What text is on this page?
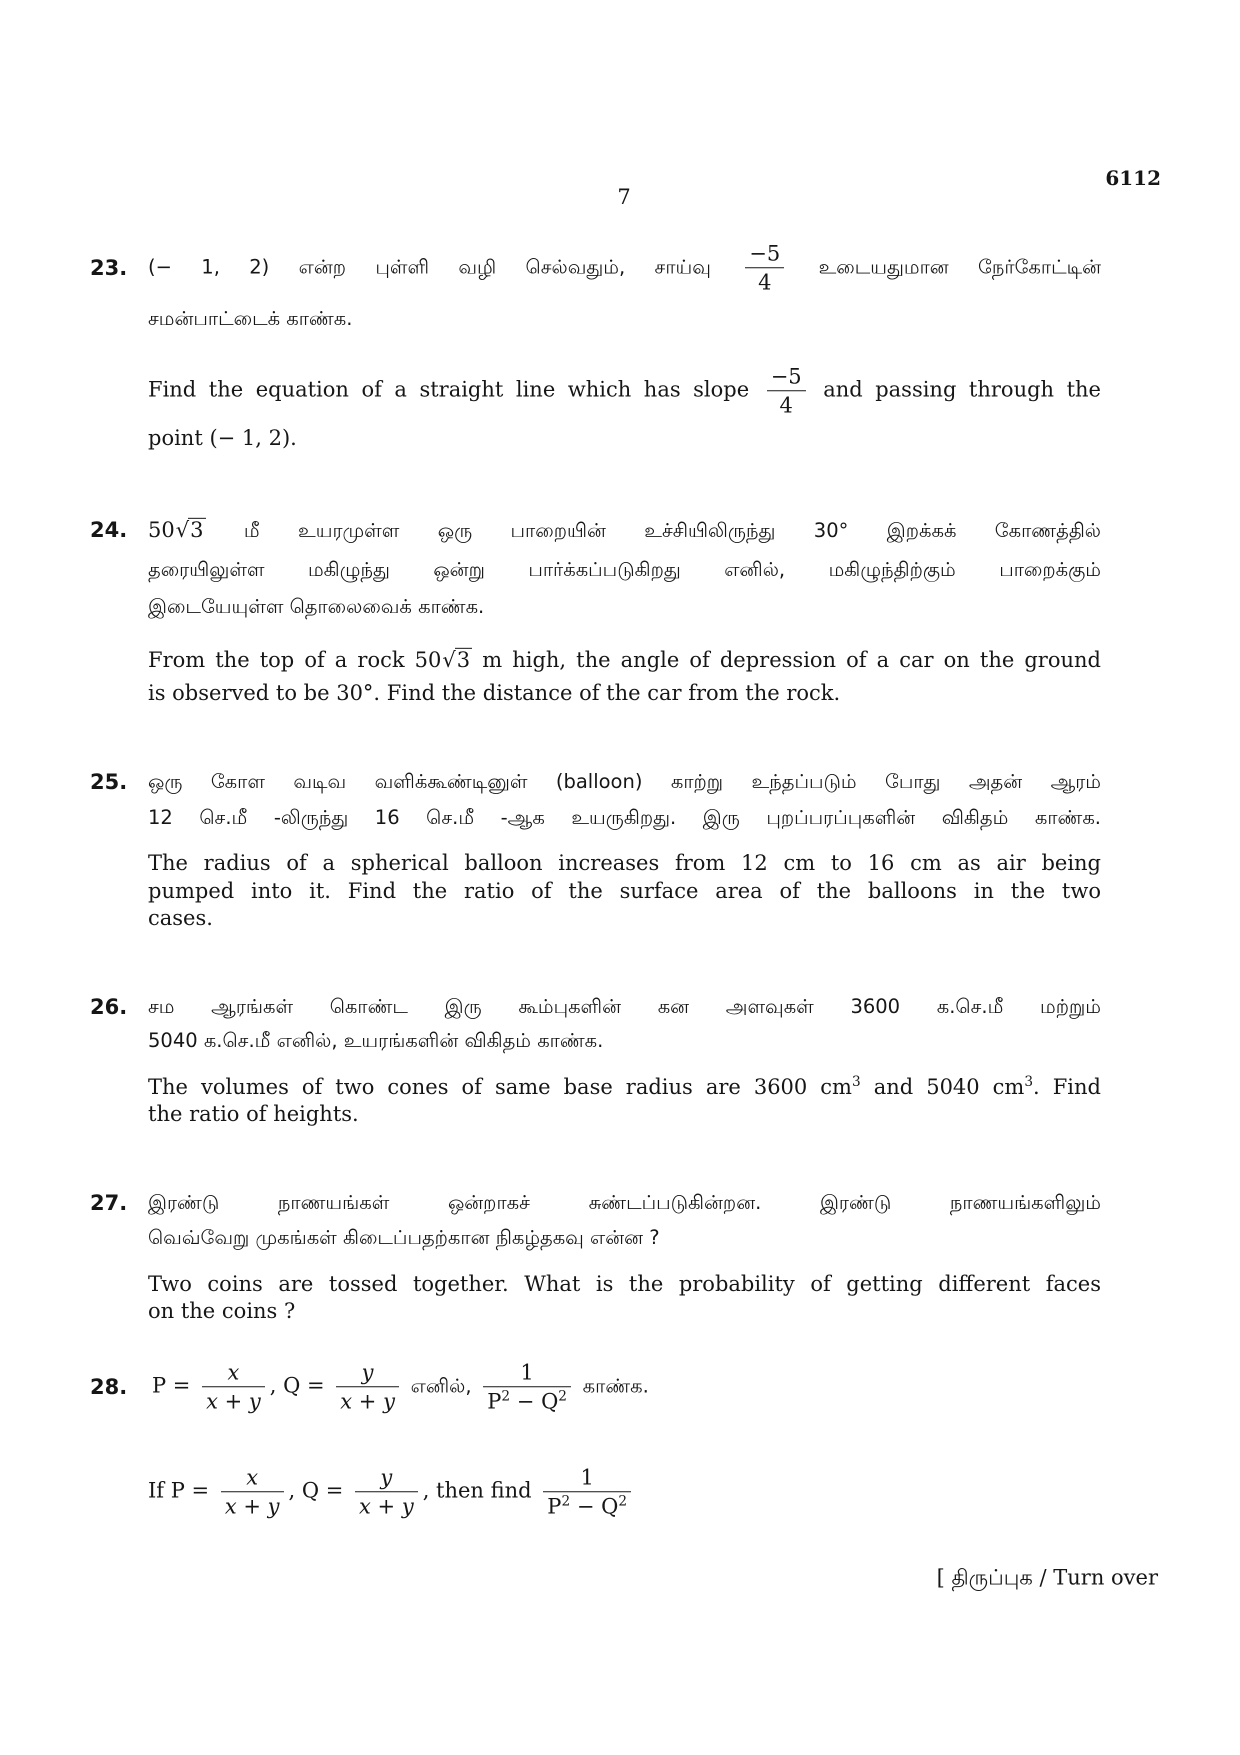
6112
7
23. (− 1, 2) என்ற புள்ளி வழி செல்வதும், சாய்வு $\frac{-5}{4}$ உடையதுமான நேர்கோட்டின்
சமன்பாட்டைக் காண்க.
Find the equation of a straight line which has slope $\frac{-5}{4}$ and passing through the
point (− 1, 2).
24. 50√3 மீ உயரமுள்ள ஒரு பாறையின் உச்சியிலிருந்து 30° இறக்கக் கோணத்தில்
தரையிலுள்ள மகிழுந்து ஒன்று பார்க்கப்படுகிறது எனில், மகிழுந்திற்கும் பாறைக்கும்
இடையேயுள்ள தொலைவைக் காண்க.
From the top of a rock 50√3 m high, the angle of depression of a car on the ground
is observed to be 30°. Find the distance of the car from the rock.
25. ஒரு கோள வடிவ வளிக்கூண்டினுள் (balloon) காற்று உந்தப்படும் போது அதன் ஆரம்
12 செ.மீ -லிருந்து 16 செ.மீ -ஆக உயருகிறது. இரு புறப்பரப்புகளின் விகிதம் காண்க.
The radius of a spherical balloon increases from 12 cm to 16 cm as air being
pumped into it. Find the ratio of the surface area of the balloons in the two
cases.
26. சம ஆரங்கள் கொண்ட இரு கூம்புகளின் கன அளவுகள் 3600 க.செ.மீ மற்றும்
5040 க.செ.மீ எனில், உயரங்களின் விகிதம் காண்க.
The volumes of two cones of same base radius are 3600 $cm^3$ and 5040 $cm^3$. Find
the ratio of heights.
27. இரண்டு நாணயங்கள் ஒன்றாகச் சுண்டப்படுகின்றன. இரண்டு நாணயங்களிலும்
வெவ்வேறு முகங்கள் கிடைப்பதற்கான நிகழ்தகவு என்ன ?
Two coins are tossed together. What is the probability of getting different faces
on the coins ?
28. $P = \frac{x}{x + y}$ , $Q = \frac{y}{x + y}$ எனில், $\frac{1}{P^2 - Q^2}$ காண்க.
If $P = \frac{x}{x + y}$ , $Q = \frac{y}{x + y}$ , then find $\frac{1}{P^2 - Q^2}$
[ திருப்புக / Turn over
